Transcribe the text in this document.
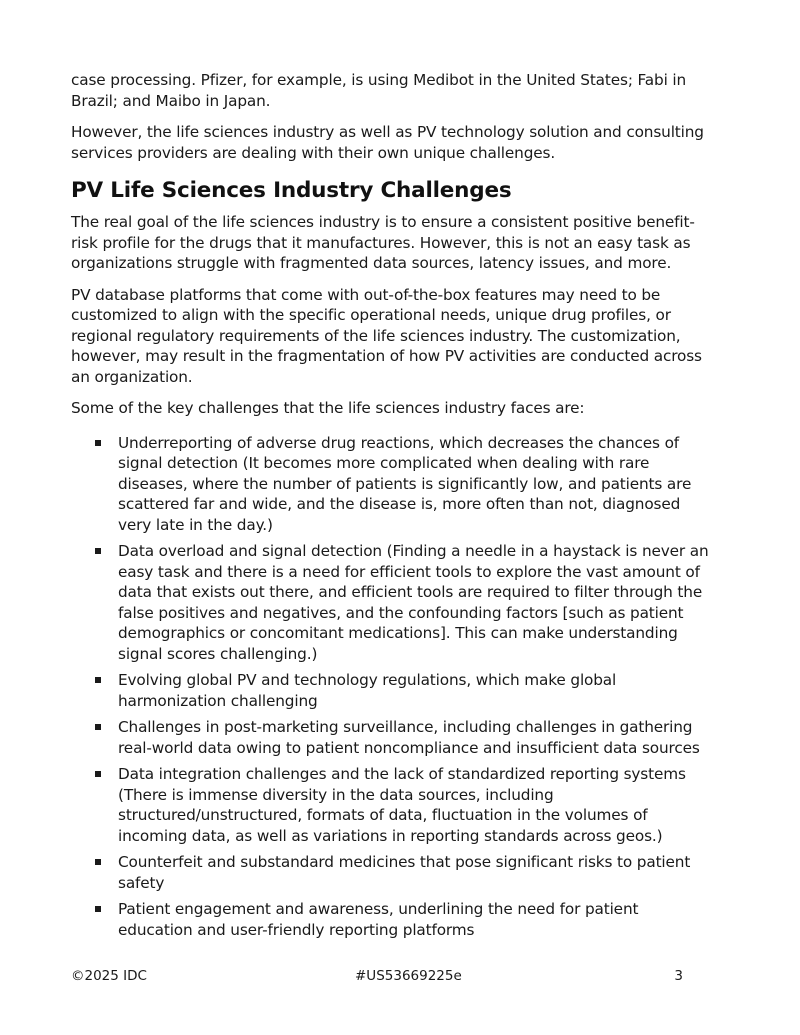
case processing. Pfizer, for example, is using Medibot in the United States; Fabi in Brazil; and Maibo in Japan.

However, the life sciences industry as well as PV technology solution and consulting services providers are dealing with their own unique challenges.

PV Life Sciences Industry Challenges

The real goal of the life sciences industry is to ensure a consistent positive benefit-risk profile for the drugs that it manufactures. However, this is not an easy task as organizations struggle with fragmented data sources, latency issues, and more.

PV database platforms that come with out-of-the-box features may need to be customized to align with the specific operational needs, unique drug profiles, or regional regulatory requirements of the life sciences industry. The customization, however, may result in the fragmentation of how PV activities are conducted across an organization.

Some of the key challenges that the life sciences industry faces are:

Underreporting of adverse drug reactions, which decreases the chances of signal detection (It becomes more complicated when dealing with rare diseases, where the number of patients is significantly low, and patients are scattered far and wide, and the disease is, more often than not, diagnosed very late in the day.)
Data overload and signal detection (Finding a needle in a haystack is never an easy task and there is a need for efficient tools to explore the vast amount of data that exists out there, and efficient tools are required to filter through the false positives and negatives, and the confounding factors [such as patient demographics or concomitant medications]. This can make understanding signal scores challenging.)
Evolving global PV and technology regulations, which make global harmonization challenging
Challenges in post-marketing surveillance, including challenges in gathering real-world data owing to patient noncompliance and insufficient data sources
Data integration challenges and the lack of standardized reporting systems (There is immense diversity in the data sources, including structured/unstructured, formats of data, fluctuation in the volumes of incoming data, as well as variations in reporting standards across geos.)
Counterfeit and substandard medicines that pose significant risks to patient safety
Patient engagement and awareness, underlining the need for patient education and user-friendly reporting platforms
©2025 IDC	#US53669225e	3
